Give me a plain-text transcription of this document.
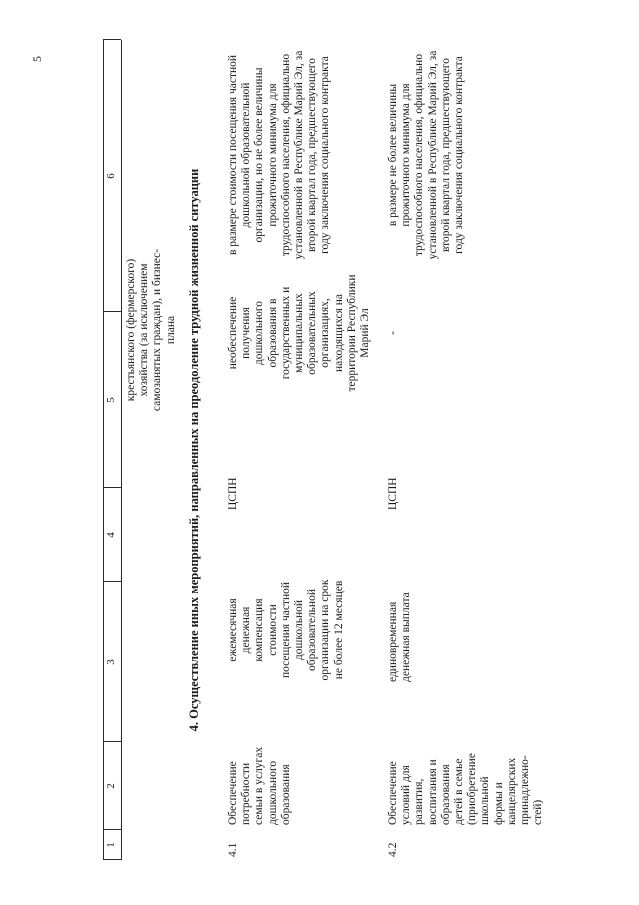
5
1
2
3
4
5
6
крестьянского (фермерского) хозяйства (за исключением самозанятых граждан), и бизнес-плана 4. Осуществление иных мероприятий, направленных на преодоление трудной жизненной ситуации
4.1
Обеспечение потребности семьи в услугах дошкольного образования
ежемесячная денежная компенсация стоимости посещения частной дошкольной образовательной организации на срок не более 12 месяцев
ЦСПН
необеспечение получения дошкольного образования в государственных и муниципальных образовательных организациях, находящихся на территории Республики Марий Эл
в размере стоимости посещения частной дошкольной образовательной организации, но не более величины прожиточного минимума для трудоспособного населения, официально установленной в Республике Марий Эл, за второй квартал года, предшествующего году заключения социального контракта
4.2
Обеспечение условий для развития, воспитания и образования детей в семье (приобретение школьной формы и канцелярских принадлежно-стей)
единовременная денежная выплата
ЦСПН
-
в размере не более величины прожиточного минимума для трудоспособного населения, официально установленной в Республике Марий Эл, за второй квартал года, предшествующего году заключения социального контракта
